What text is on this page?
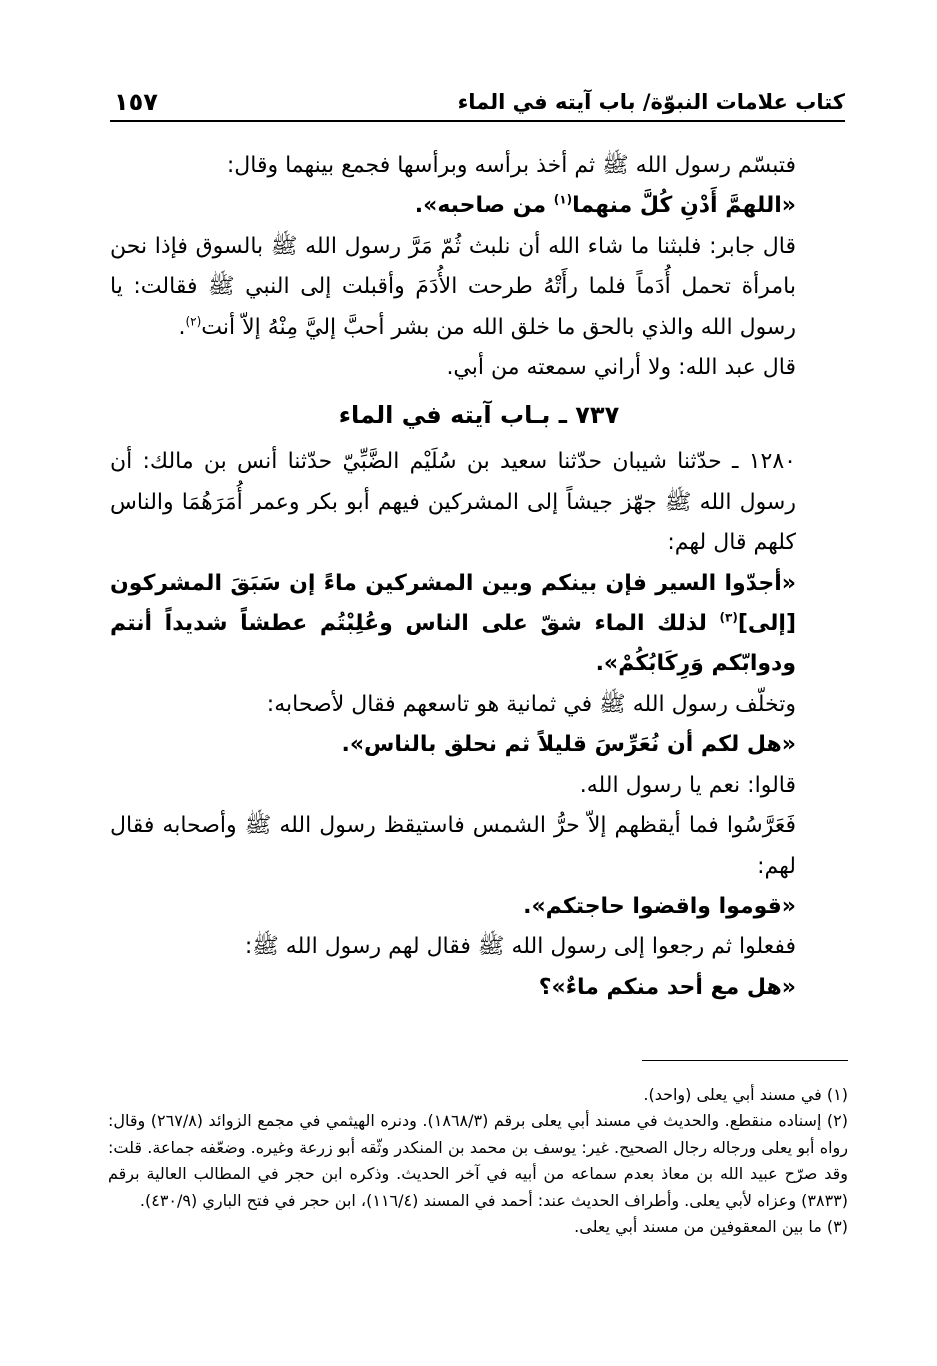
كتاب علامات النبوّة/ باب آيته في الماء
١٥٧

فتبسّم رسول الله ﷺ ثم أخذ برأسه وبرأسها فجمع بينهما وقال:

«اللهمَّ أَدْنِ كُلَّ منهما$^{(١)}$ من صاحبه».

قال جابر: فلبثنا ما شاء الله أن نلبث ثُمّ مَرَّ رسول الله ﷺ بالسوق فإذا نحن بامرأة تحمل أُدَماً فلما رأَتْهُ طرحت الأُدَمَ وأقبلت إلى النبي ﷺ فقالت: يا رسول الله والذي بالحق ما خلق الله من بشر أحبَّ إليَّ مِنْهُ إلاّ أنت$^{(٢)}$.

قال عبد الله: ولا أراني سمعته من أبي.

٧٣٧ ـ بـاب آيته في الماء

١٢٨٠ ـ حدّثنا شيبان حدّثنا سعيد بن سُلَيْم الضَّبِّيّ حدّثنا أنس بن مالك: أن رسول الله ﷺ جهّز جيشاً إلى المشركين فيهم أبو بكر وعمر أُمَرَهُمَا والناس كلهم قال لهم:

«أجدّوا السير فإن بينكم وبين المشركين ماءً إن سَبَقَ المشركون [إلى]$^{(٣)}$ لذلك الماء شقّ على الناس وعُلِبْتُم عطشاً شديداً أنتم ودوابّكم وَرِكَابُكُمْ».

وتخلّف رسول الله ﷺ في ثمانية هو تاسعهم فقال لأصحابه:

«هل لكم أن نُعَرِّسَ قليلاً ثم نحلق بالناس».

قالوا: نعم يا رسول الله.

فَعَرَّسُوا فما أيقظهم إلاّ حرُّ الشمس فاستيقظ رسول الله ﷺ وأصحابه فقال لهم:

«قوموا واقضوا حاجتكم».

ففعلوا ثم رجعوا إلى رسول الله ﷺ فقال لهم رسول الله ﷺ:

«هل مع أحد منكم ماءٌ»؟

(١) في مسند أبي يعلى (واحد).

(٢) إسناده منقطع. والحديث في مسند أبي يعلى برقم (١٨٦٨/٣). ودنره الهيثمي في مجمع الزوائد (٢٦٧/٨) وقال: رواه أبو يعلى ورجاله رجال الصحيح. غير: يوسف بن محمد بن المنكدر وثّقه أبو زرعة وغيره. وضعّفه جماعة. قلت: وقد صرّح عبيد الله بن معاذ بعدم سماعه من أبيه في آخر الحديث. وذكره ابن حجر في المطالب العالية برقم (٣٨٣٣) وعزاه لأبي يعلى. وأطراف الحديث عند: أحمد في المسند (١١٦/٤)، ابن حجر في فتح الباري (٤٣٠/٩).

(٣) ما بين المعقوفين من مسند أبي يعلى.
